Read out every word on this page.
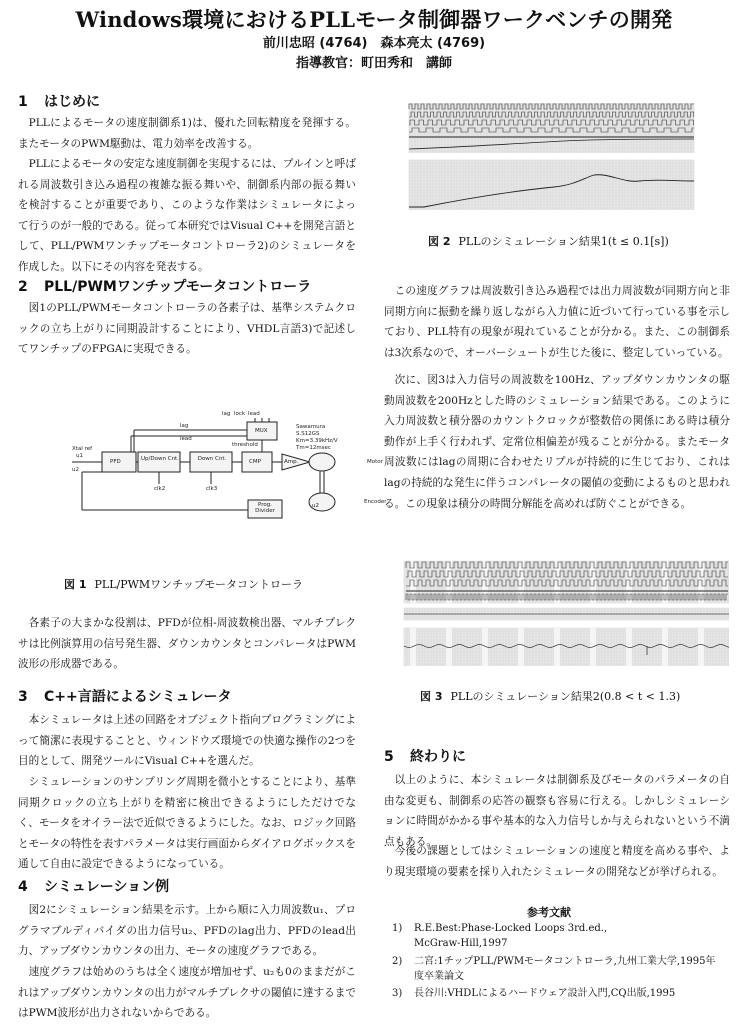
Windows環境におけるPLLモータ制御器ワークベンチの開発
前川忠昭 (4764)　森本亮太 (4769)
指導教官：町田秀和　講師
1 はじめに

PLLによるモータの速度制御系1)は、優れた回転精度を発揮する。またモータのPWM駆動は、電力効率を改善する。

PLLによるモータの安定な速度制御を実現するには、プルインと呼ばれる周波数引き込み過程の複雑な振る舞いや、制御系内部の振る舞いを検討することが重要であり、このような作業はシミュレータによって行うのが一般的である。従って本研究ではVisual C++を開発言語として、PLL/PWMワンチップモータコントローラ2)のシミュレータを作成した。以下にその内容を発表する。

2 PLL/PWMワンチップモータコントローラ

図1のPLL/PWMモータコントローラの各素子は、基準システムクロックの立ち上がりに同期設計することにより、VHDL言語3)で記述してワンチップのFPGAに実現できる。

PFD	Up/Down Cnt.	Down Cnt.	CMP
MUX
Amp.	Motor
Encoder
Prog. Divider
Xtal ref
u1
u2
u2
lag
lead
lag lock lead
threshold
clk2	clk3
Sawamura
S.S12GS
Km=3.39kHz/V
Tm=12msec
図 1 PLL/PWMワンチップモータコントローラ

各素子の大まかな役割は、PFDが位相-周波数検出器、マルチプレクサは比例演算用の信号発生器、ダウンカウンタとコンパレータはPWM波形の形成器である。

3 C++言語によるシミュレータ

本シミュレータは上述の回路をオブジェクト指向プログラミングによって簡潔に表現することと、ウィンドウズ環境での快適な操作の2つを目的として、開発ツールにVisual C++を選んだ。

シミュレーションのサンプリング周期を微小とすることにより、基準同期クロックの立ち上がりを精密に検出できるようにしただけでなく、モータをオイラー法で近似できるようにした。なお、ロジック回路とモータの特性を表すパラメータは実行画面からダイアログボックスを通して自由に設定できるようになっている。

4 シミュレーション例

図2にシミュレーション結果を示す。上から順に入力周波数u₁、プログラマブルディバイダの出力信号u₂、PFDのlag出力、PFDのlead出力、アップダウンカウンタの出力、モータの速度グラフである。

速度グラフは始めのうちは全く速度が増加せず、u₂も0のままだがこれはアップダウンカウンタの出力がマルチプレクサの閾値に達するまではPWM波形が出力されないからである。

図 2 PLLのシミュレーション結果1(t ≤ 0.1[s])

この速度グラフは周波数引き込み過程では出力周波数が同期方向と非同期方向に振動を繰り返しながら入力値に近づいて行っている事を示しており、PLL特有の現象が現れていることが分かる。また、この制御系は3次系なので、オーバーシュートが生じた後に、整定していっている。

次に、図3は入力信号の周波数を100Hz、アップダウンカウンタの駆動周波数を200Hzとした時のシミュレーション結果である。このように入力周波数と積分器のカウントクロックが整数倍の関係にある時は積分動作が上手く行われず、定常位相偏差が残ることが分かる。またモータ周波数にはlagの周期に合わせたリプルが持続的に生じており、これはlagの持続的な発生に伴うコンパレータの閾値の変動によるものと思われる。この現象は積分の時間分解能を高めれば防ぐことができる。

図 3 PLLのシミュレーション結果2(0.8 < t < 1.3)
5 終わりに

以上のように、本シミュレータは制御系及びモータのパラメータの自由な変更も、制御系の応答の観察も容易に行える。しかしシミュレーションに時間がかかる事や基本的な入力信号しか与えられないという不満点もある。

今後の課題としてはシミュレーションの速度と精度を高める事や、より現実環境の要素を採り入れたシミュレータの開発などが挙げられる。

参考文献
1) R.E.Best:Phase-Locked Loops 3rd.ed., McGraw-Hill,1997
2) 二宮:1チップPLL/PWMモータコントローラ,九州工業大学,1995年度卒業論文
3) 長谷川:VHDLによるハードウェア設計入門,CQ出版,1995
